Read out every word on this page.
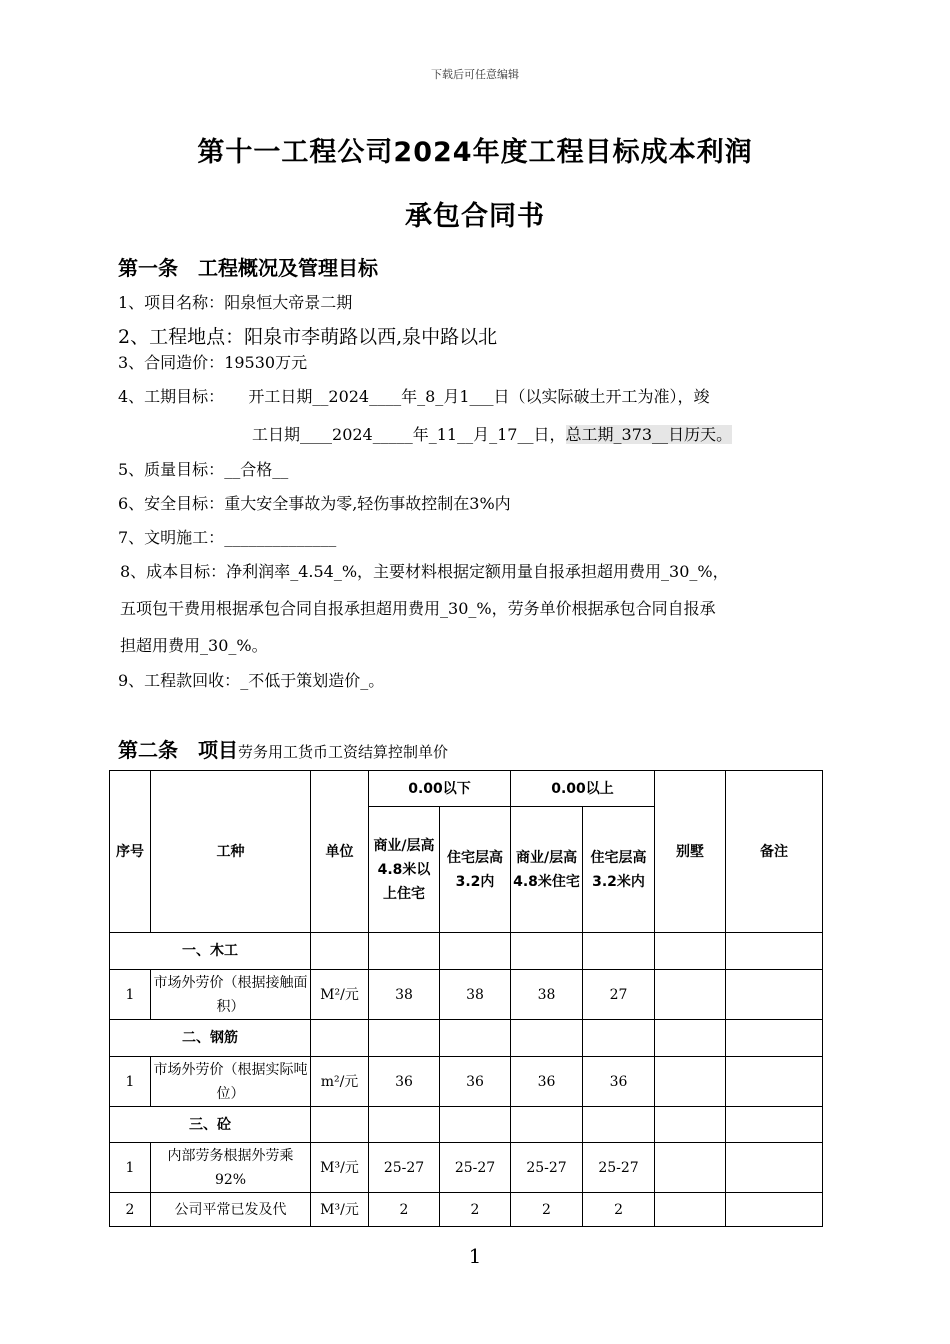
下载后可任意编辑
第十一工程公司2024年度工程目标成本利润
承包合同书
第一条　工程概况及管理目标
1、项目名称：阳泉恒大帝景二期
2、工程地点：阳泉市李萌路以西,泉中路以北
3、合同造价：19530万元
4、工期目标： 开工日期__2024____年_8_月1___日（以实际破土开工为准），竣
工日期____2024_____年_11__月_17__日，总工期_373__日历天。
5、质量目标：__合格__
6、安全目标：重大安全事故为零,轻伤事故控制在3%内
7、文明施工：______________
8、成本目标：净利润率_4.54_%，主要材料根据定额用量自报承担超用费用_30_%，
五项包干费用根据承包合同自报承担超用费用_30_%，劳务单价根据承包合同自报承
担超用费用_30_%。
9、工程款回收：_不低于策划造价_。
第二条　项目劳务用工货币工资结算控制单价
序号	工种	单位	0.00以下		0.00以上		别墅	备注
			商业/层高4.8米以上住宅	住宅层高3.2内	商业/层高4.8米住宅	住宅层高3.2米内		
一、木工								
1	市场外劳价（根据接触面积）	M²/元	38	38	38	27		
二、钢筋								
1	市场外劳价（根据实际吨位）	m²/元	36	36	36	36		
三、砼								
1	内部劳务根据外劳乘92%	M³/元	25-27	25-27	25-27	25-27		
2	公司平常已发及代	M³/元	2	2	2	2		
1
